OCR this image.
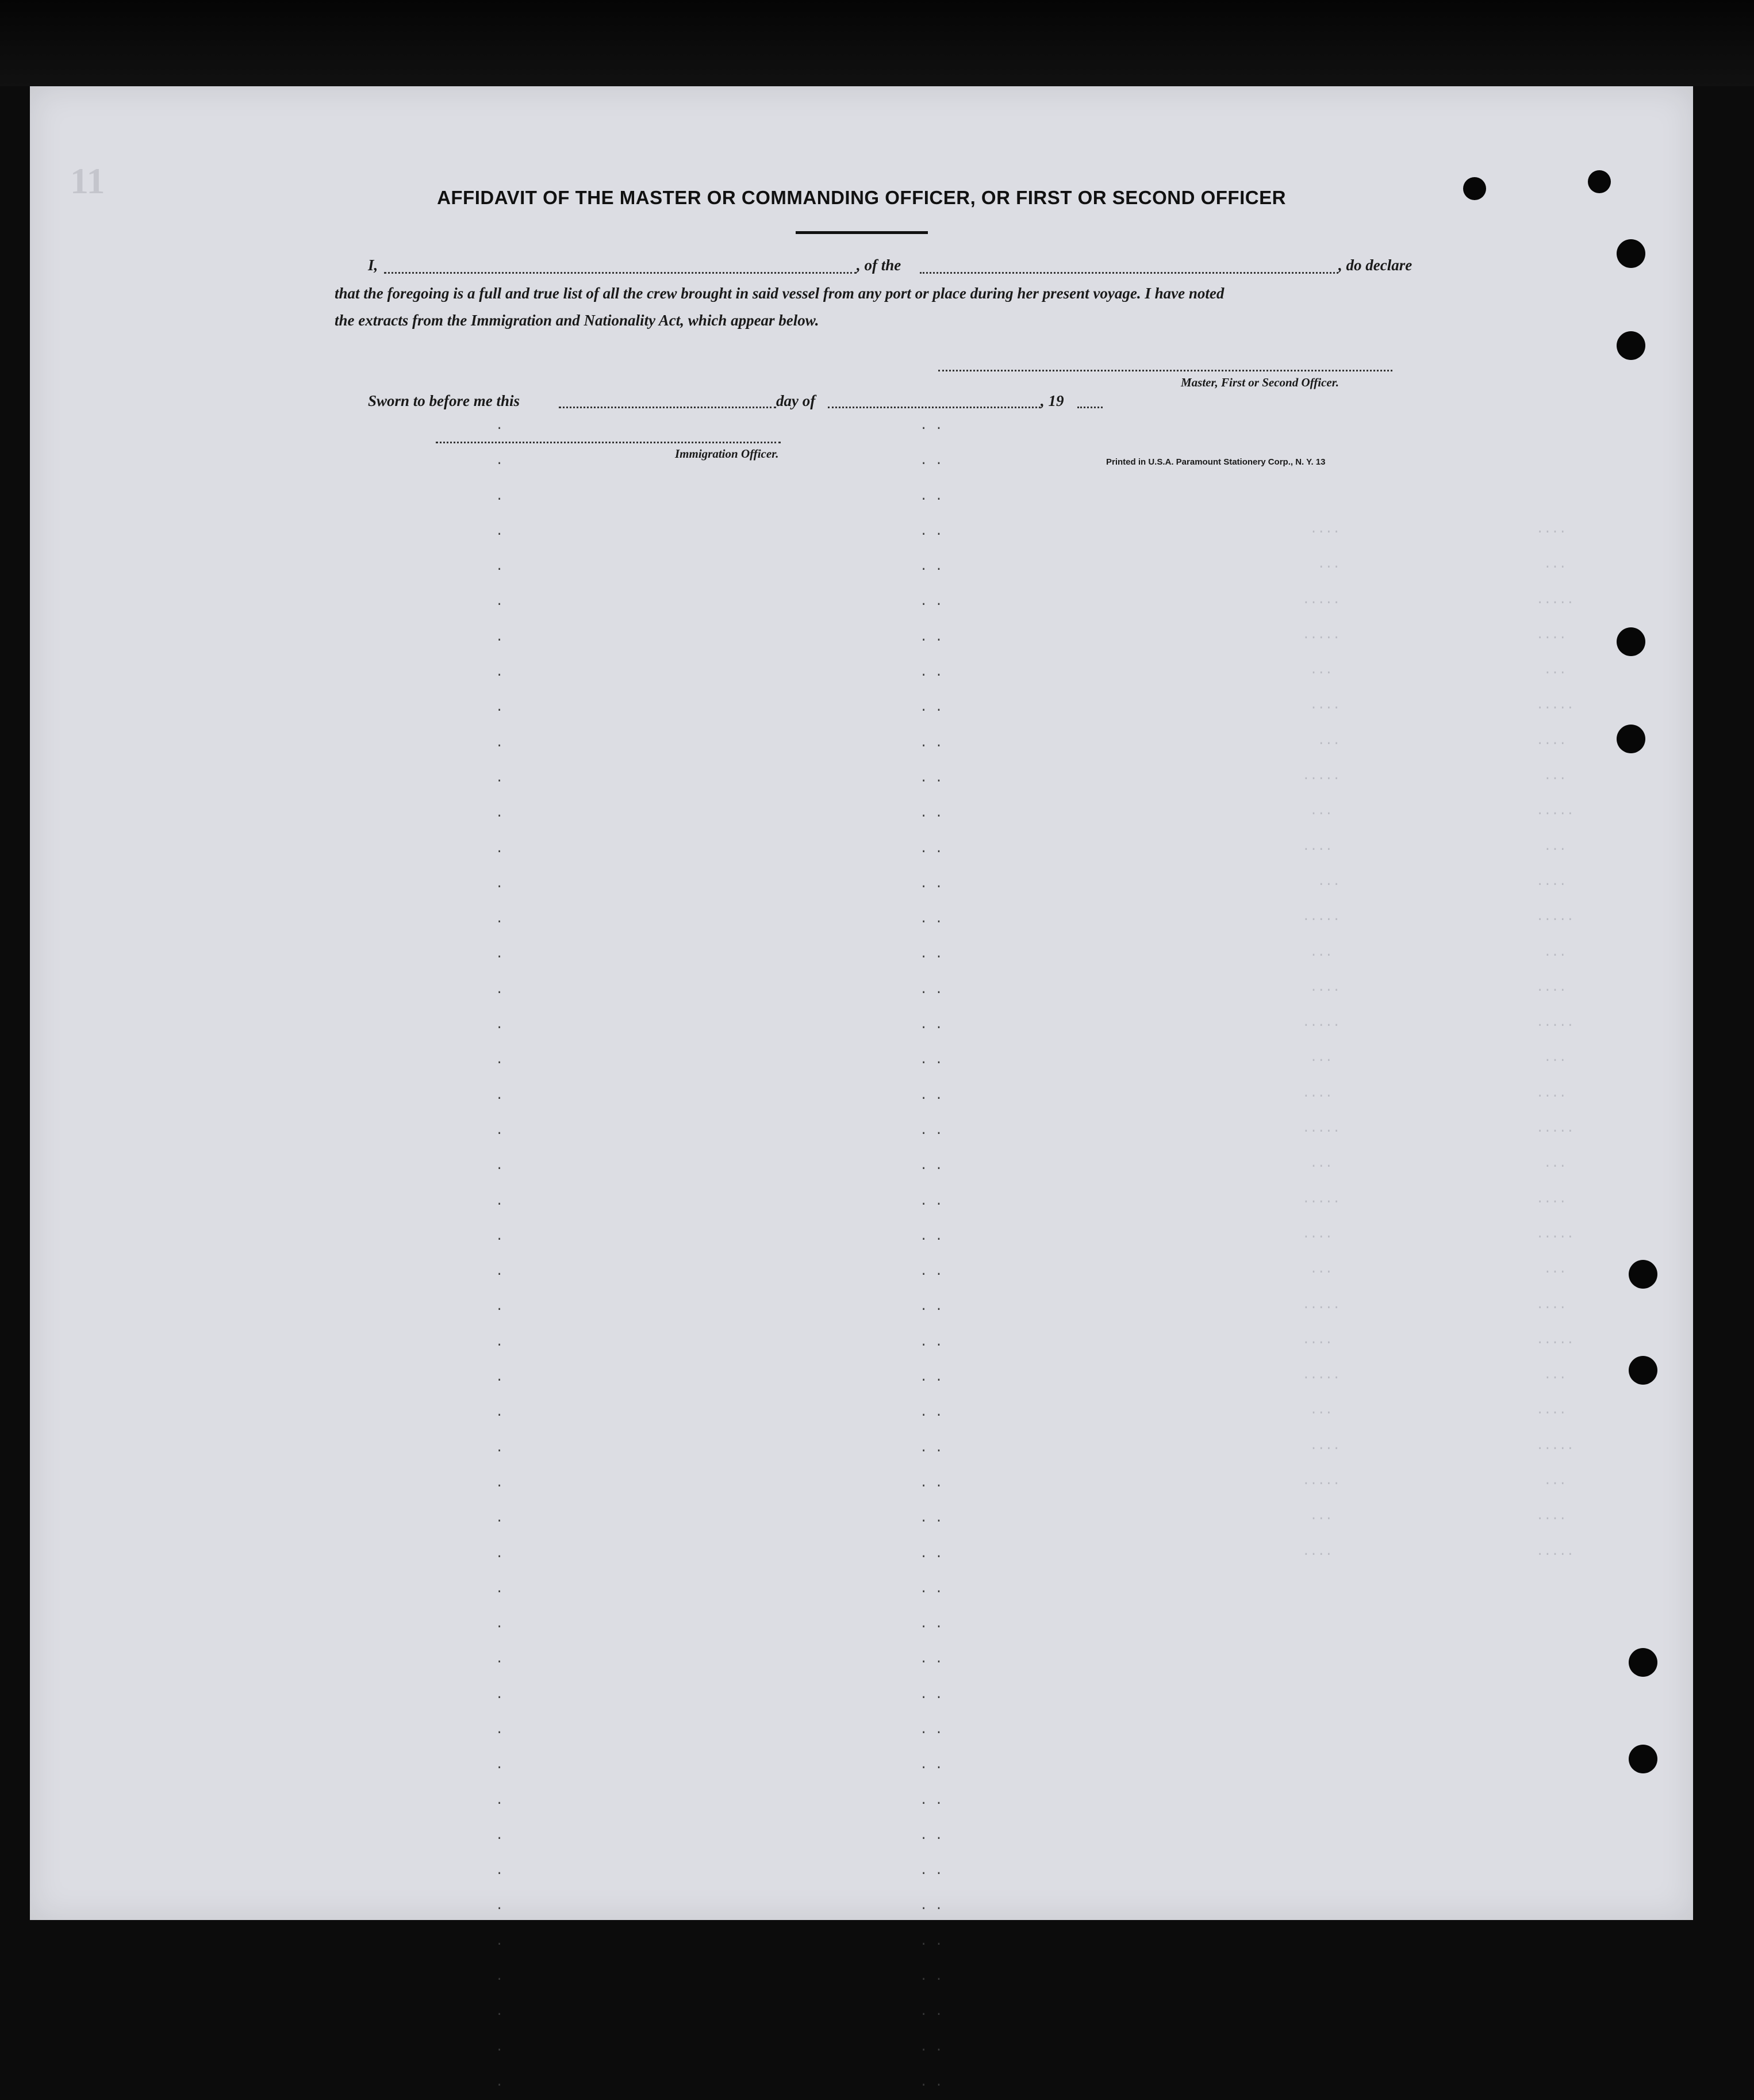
11	AFFIDAVIT OF THE MASTER OR COMMANDING OFFICER, OR FIRST OR SECOND OFFICER
I,	, of the	, do declare
that the foregoing is a full and true list of all the crew brought in said vessel from any port or place during her present voyage. I have noted
the extracts from the Immigration and Nationality Act, which appear below.
Master, First or Second Officer.
Sworn to before me this	day of	, 19
Immigration Officer.
Printed in U.S.A. Paramount Stationery Corp., N. Y. 13
.
.
.
.
.
.
.
.
.
.
.
.
.
.
.
.
.
.
.
.
.
.
.
.
.
.
.
.
.
.
.
.
.
.
.
.
.
.
.
.
.
.
.
.
.
.
.
.
. .
. .
. .
. .
. .
. .
. .
. .
. .
. .
. .
. .
. .
. .
. .
. .
. .
. .
. .
. .
. .
. .
. .
. .
. .
. .
. .
. .
. .
. .
. .
. .
. .
. .
. .
. .
. .
. .
. .
. .
. .
. .
. .
. .
. .
. .
. .
. .
....
...
.....
.....
...
....
...
.....
...
....
...
.....
...
....
.....
...
....
.....
...
.....
....
...
.....
....
.....
...
....
.....
...
....
....
...
.....
....
...
.....
....
...
.....
...
....
.....
...
....
.....
...
....
.....
...
....
.....
...
....
.....
...
....
.....
...
....
.....
